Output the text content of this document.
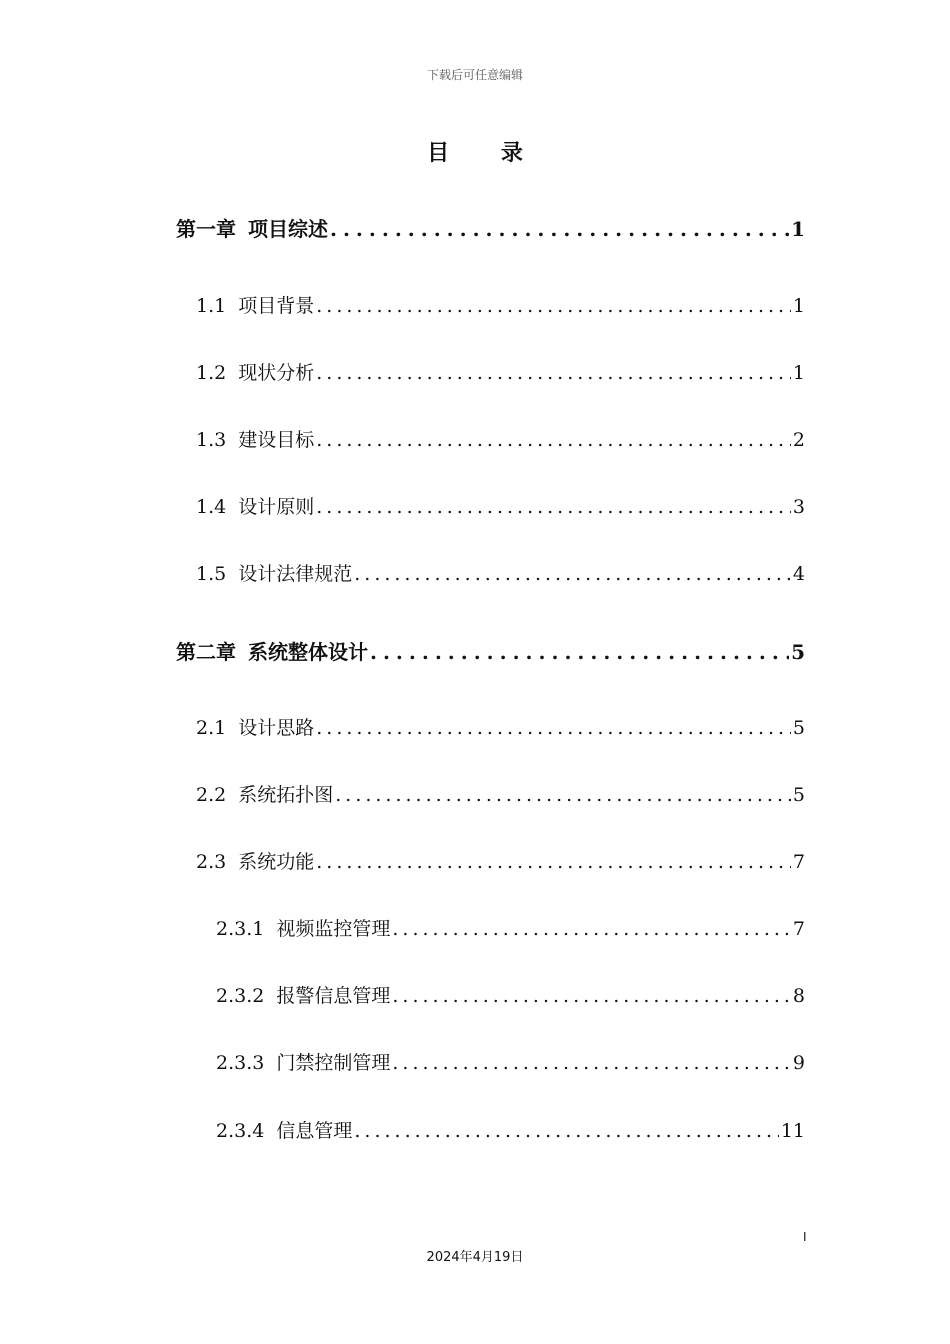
下载后可任意编辑
目 录
第一章 项目综述 .....	1
1.1 项目背景 .....	1
1.2 现状分析 .....	1
1.3 建设目标 .....	2
1.4 设计原则 .....	3
1.5 设计法律规范 .....	4
第二章 系统整体设计 .....	5
2.1 设计思路 .....	5
2.2 系统拓扑图 .....	5
2.3 系统功能 .....	7
2.3.1 视频监控管理 .....	7
2.3.2 报警信息管理 .....	8
2.3.3 门禁控制管理 .....	9
2.3.4 信息管理 .....	11
I
2024年4月19日
